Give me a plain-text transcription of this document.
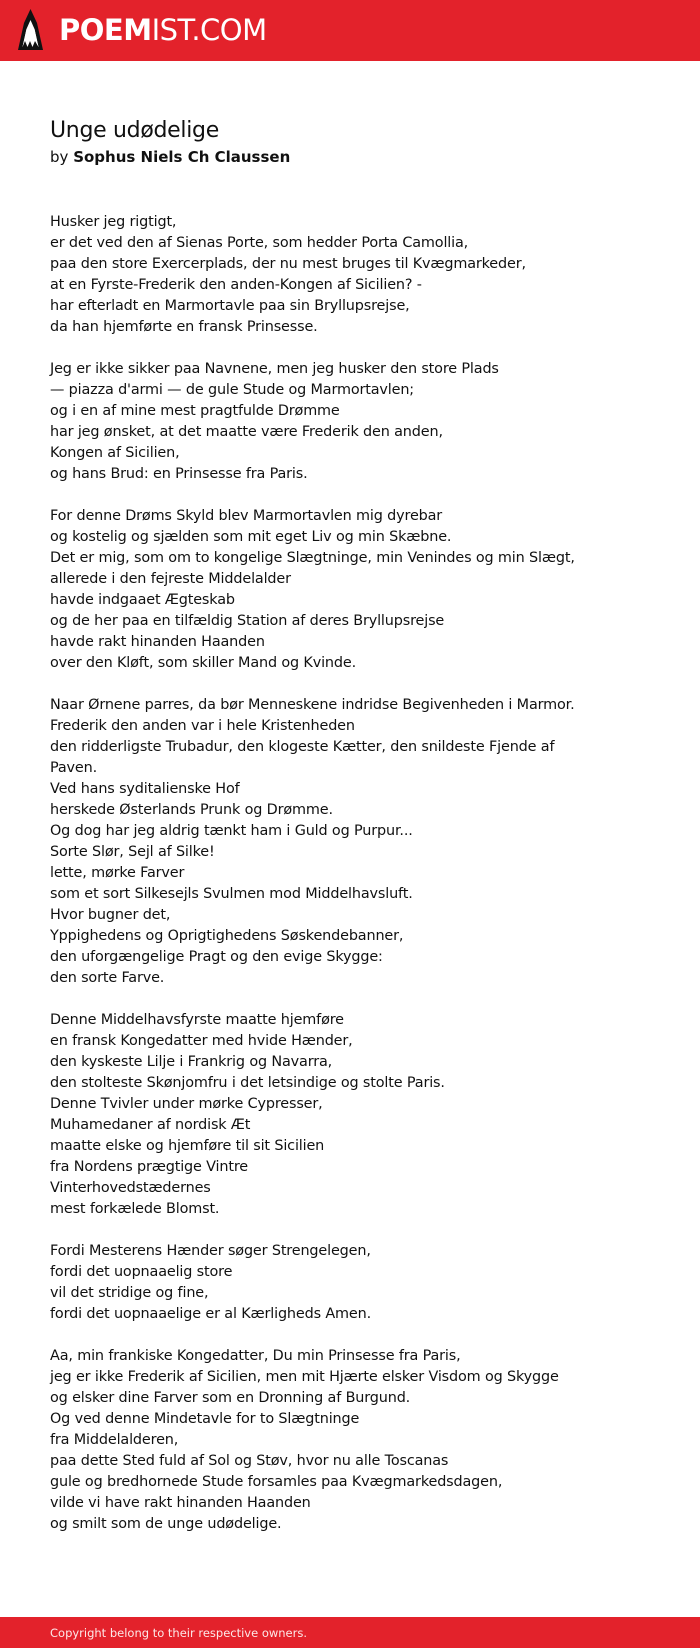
POEMIST.COM
Unge udødelige
by Sophus Niels Ch Claussen
Husker jeg rigtigt,
er det ved den af Sienas Porte, som hedder Porta Camollia,
paa den store Exercerplads, der nu mest bruges til Kvægmarkeder,
at en Fyrste-Frederik den anden-Kongen af Sicilien? -
har efterladt en Marmortavle paa sin Bryllupsrejse,
da han hjemførte en fransk Prinsesse.
Jeg er ikke sikker paa Navnene, men jeg husker den store Plads
— piazza d'armi — de gule Stude og Marmortavlen;
og i en af mine mest pragtfulde Drømme
har jeg ønsket, at det maatte være Frederik den anden,
Kongen af Sicilien,
og hans Brud: en Prinsesse fra Paris.
For denne Drøms Skyld blev Marmortavlen mig dyrebar
og kostelig og sjælden som mit eget Liv og min Skæbne.
Det er mig, som om to kongelige Slægtninge, min Venindes og min Slægt,
allerede i den fejreste Middelalder
havde indgaaet Ægteskab
og de her paa en tilfældig Station af deres Bryllupsrejse
havde rakt hinanden Haanden
over den Kløft, som skiller Mand og Kvinde.
Naar Ørnene parres, da bør Menneskene indridse Begivenheden i Marmor.
Frederik den anden var i hele Kristenheden
den ridderligste Trubadur, den klogeste Kætter, den snildeste Fjende af
Paven.
Ved hans syditalienske Hof
herskede Østerlands Prunk og Drømme.
Og dog har jeg aldrig tænkt ham i Guld og Purpur...
Sorte Slør, Sejl af Silke!
lette, mørke Farver
som et sort Silkesejls Svulmen mod Middelhavsluft.
Hvor bugner det,
Yppighedens og Oprigtighedens Søskendebanner,
den uforgængelige Pragt og den evige Skygge:
den sorte Farve.
Denne Middelhavsfyrste maatte hjemføre
en fransk Kongedatter med hvide Hænder,
den kyskeste Lilje i Frankrig og Navarra,
den stolteste Skønjomfru i det letsindige og stolte Paris.
Denne Tvivler under mørke Cypresser,
Muhamedaner af nordisk Æt
maatte elske og hjemføre til sit Sicilien
fra Nordens prægtige Vintre
Vinterhovedstædernes
mest forkælede Blomst.
Fordi Mesterens Hænder søger Strengelegen,
fordi det uopnaaelig store
vil det stridige og fine,
fordi det uopnaaelige er al Kærligheds Amen.
Aa, min frankiske Kongedatter, Du min Prinsesse fra Paris,
jeg er ikke Frederik af Sicilien, men mit Hjærte elsker Visdom og Skygge
og elsker dine Farver som en Dronning af Burgund.
Og ved denne Mindetavle for to Slægtninge
fra Middelalderen,
paa dette Sted fuld af Sol og Støv, hvor nu alle Toscanas
gule og bredhornede Stude forsamles paa Kvægmarkedsdagen,
vilde vi have rakt hinanden Haanden
og smilt som de unge udødelige.
Copyright belong to their respective owners.
